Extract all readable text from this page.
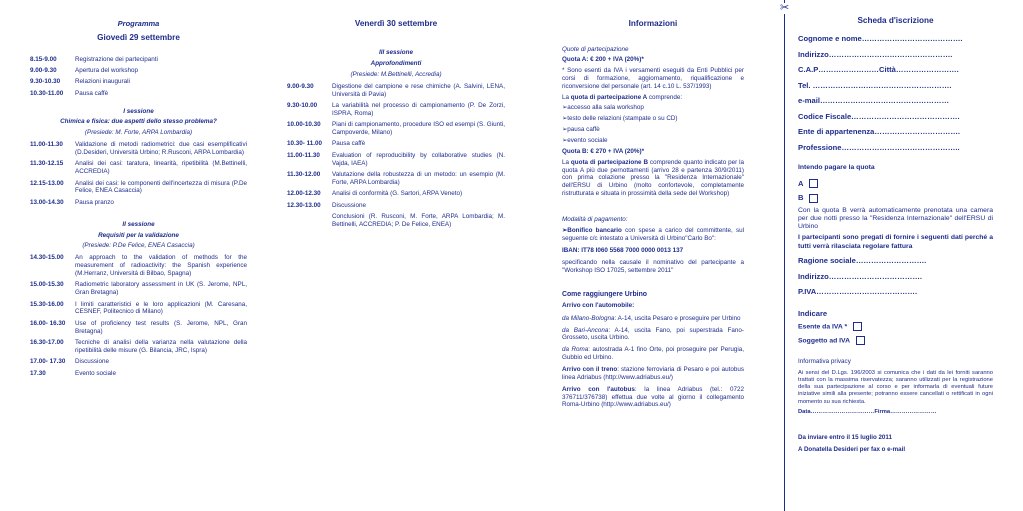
Programma
Giovedì 29 settembre
8.15-9.00	Registrazione dei partecipanti
9.00-9.30	Apertura del workshop
9.30-10.30	Relazioni inaugurali
10.30-11.00	Pausa caffè
I sessione
Chimica e fisica: due aspetti dello stesso problema?
(Presiede: M. Forte, ARPA Lombardia)
11.00-11.30	Validazione di metodi radiometrici: due casi esemplificativi (D.Desideri, Università Urbino; R.Rusconi, ARPA Lombardia)
11.30-12.15	Analisi dei casi: taratura, linearità, ripetibilità (M.Bettinelli, ACCREDIA)
12.15-13.00	Analisi dei casi: le componenti dell'incertezza di misura (P.De Felice, ENEA Casaccia)
13.00-14.30	Pausa pranzo
II sessione
Requisiti per la validazione
(Presiede: P.De Felice, ENEA Casaccia)
14.30-15.00	An approach to the validation of methods for the measurement of radioactivity: the Spanish experience (M.Herranz, Universitá di Bilbao, Spagna)
15.00-15.30	Radiometric laboratory assessment in UK (S. Jerome, NPL, Gran Bretagna)
15.30-16.00	I limiti caratteristici e le loro applicazioni (M. Caresana, CESNEF, Politecnico di Milano)
16.00- 16.30	Use of proficiency test results (S. Jerome, NPL, Gran Bretagna)
16.30-17.00	Tecniche di analisi della varianza nella valutazione della ripetibilità delle misure (G. Bilancia, JRC, Ispra)
17.00- 17.30	Discussione
17.30	Evento sociale
Venerdì 30 settembre
III sessione
Approfondimenti
(Presiede: M.Bettinelli, Accredia)
9.00-9.30	Digestione del campione e rese chimiche (A. Salvini, LENA, Università di Pavia)
9.30-10.00	La variabilità nel processo di campionamento (P. De Zorzi, ISPRA, Roma)
10.00-10.30	Piani di campionamento, procedure ISO ed esempi (S. Giunti, Campoverde, Milano)
10.30- 11.00	Pausa caffè
11.00-11.30	Evaluation of reproducibility by collaborative studies (N. Vajda, IAEA)
11.30-12.00	Valutazione della robustezza di un metodo: un esempio (M. Forte, ARPA Lombardia)
12.00-12.30	Analisi di conformità (G. Sartori, ARPA Veneto)
12.30-13.00	Discussione
Conclusioni (R. Rusconi, M. Forte, ARPA Lombardia; M. Bettinelli, ACCREDIA; P. De Felice, ENEA)
Informazioni
Quote di partecipazione
Quota A: € 200 + IVA (20%)*

* Sono esenti da IVA i versamenti eseguiti da Enti Pubblici per corsi di formazione, aggiornamento, riqualificazione e riconversione del personale (art. 14 c.10 L. 537/1993)

La quota di partecipazione A comprende:

➢accesso alla sala workshop
➢testo delle relazioni (stampate o su CD)
➢pausa caffè
➢evento sociale
Quota B: € 270 + IVA (20%)*

La quota di partecipazione B comprende quanto indicato per la quota A più due pernottamenti (arrivo 28 e partenza 30/9/2011) con prima colazione presso la "Residenza Internazionale" dell'ERSU di Urbino (molto confortevole, completamente ristrutturata e situata in prossimità della sede del Workshop)

Modalità di pagamento:

➢Bonifico bancario con spese a carico del committente, sul seguente c/c intestato a Università di Urbino"Carlo Bo":

IBAN: IT78 I060 5568 7000 0000 0013 137

specificando nella causale il nominativo del partecipante a "Workshop ISO 17025, settembre 2011"

Come raggiungere Urbino
Arrivo con l'automobile:

da Milano-Bologna: A-14, uscita Pesaro e proseguire per Urbino

da Bari-Ancona: A-14, uscita Fano, poi superstrada Fano-Grosseto, uscita Urbino.

da Roma: autostrada A-1 fino Orte, poi proseguire per Perugia, Gubbio ed Urbino.

Arrivo con il treno: stazione ferroviaria di Pesaro e poi autobus linea Adriabus (http://www.adriabus.eu/)

Arrivo con l'autobus: la linea Adriabus (tel.: 0722 376711/376738) effettua due volte al giorno il collegamento Roma-Urbino (http://www.adriabus.eu/)

✂
Scheda d'iscrizione
Cognome e nome………………………………….
Indirizzo………………………………………….
C.A.P……………………Città…………………….
Tel. ……………………………………………….
e-mail……………………………………………
Codice Fiscale…………………………………….
Ente di appartenenza…………………………….
Professione………………………………………..
Intendo pagare la quota
A
B

Con la quota B verrà automaticamente prenotata una camera per due notti presso la "Residenza Internazionale" dell'ERSU di Urbino

I partecipanti sono pregati di fornire i seguenti dati perché a tutti verrà rilasciata regolare fattura

Ragione sociale……………………….
Indirizzo……………………………….
P.IVA………………………………….
Indicare
Esente da IVA *
Soggetto ad IVA
Informativa privacy

Ai sensi del D.Lgs. 196/2003 si comunica che i dati da lei forniti saranno trattati con la massima riservatezza; saranno utilizzati per la registrazione della sua partecipazione al corso e per informarla di eventuali future iniziative simili alla presente; potranno essere cancellati o rettificati in ogni momento su sua richiesta.

Data……………………………Firma……………………
Da inviare entro il 15 luglio 2011
A Donatella Desideri per fax o e-mail
